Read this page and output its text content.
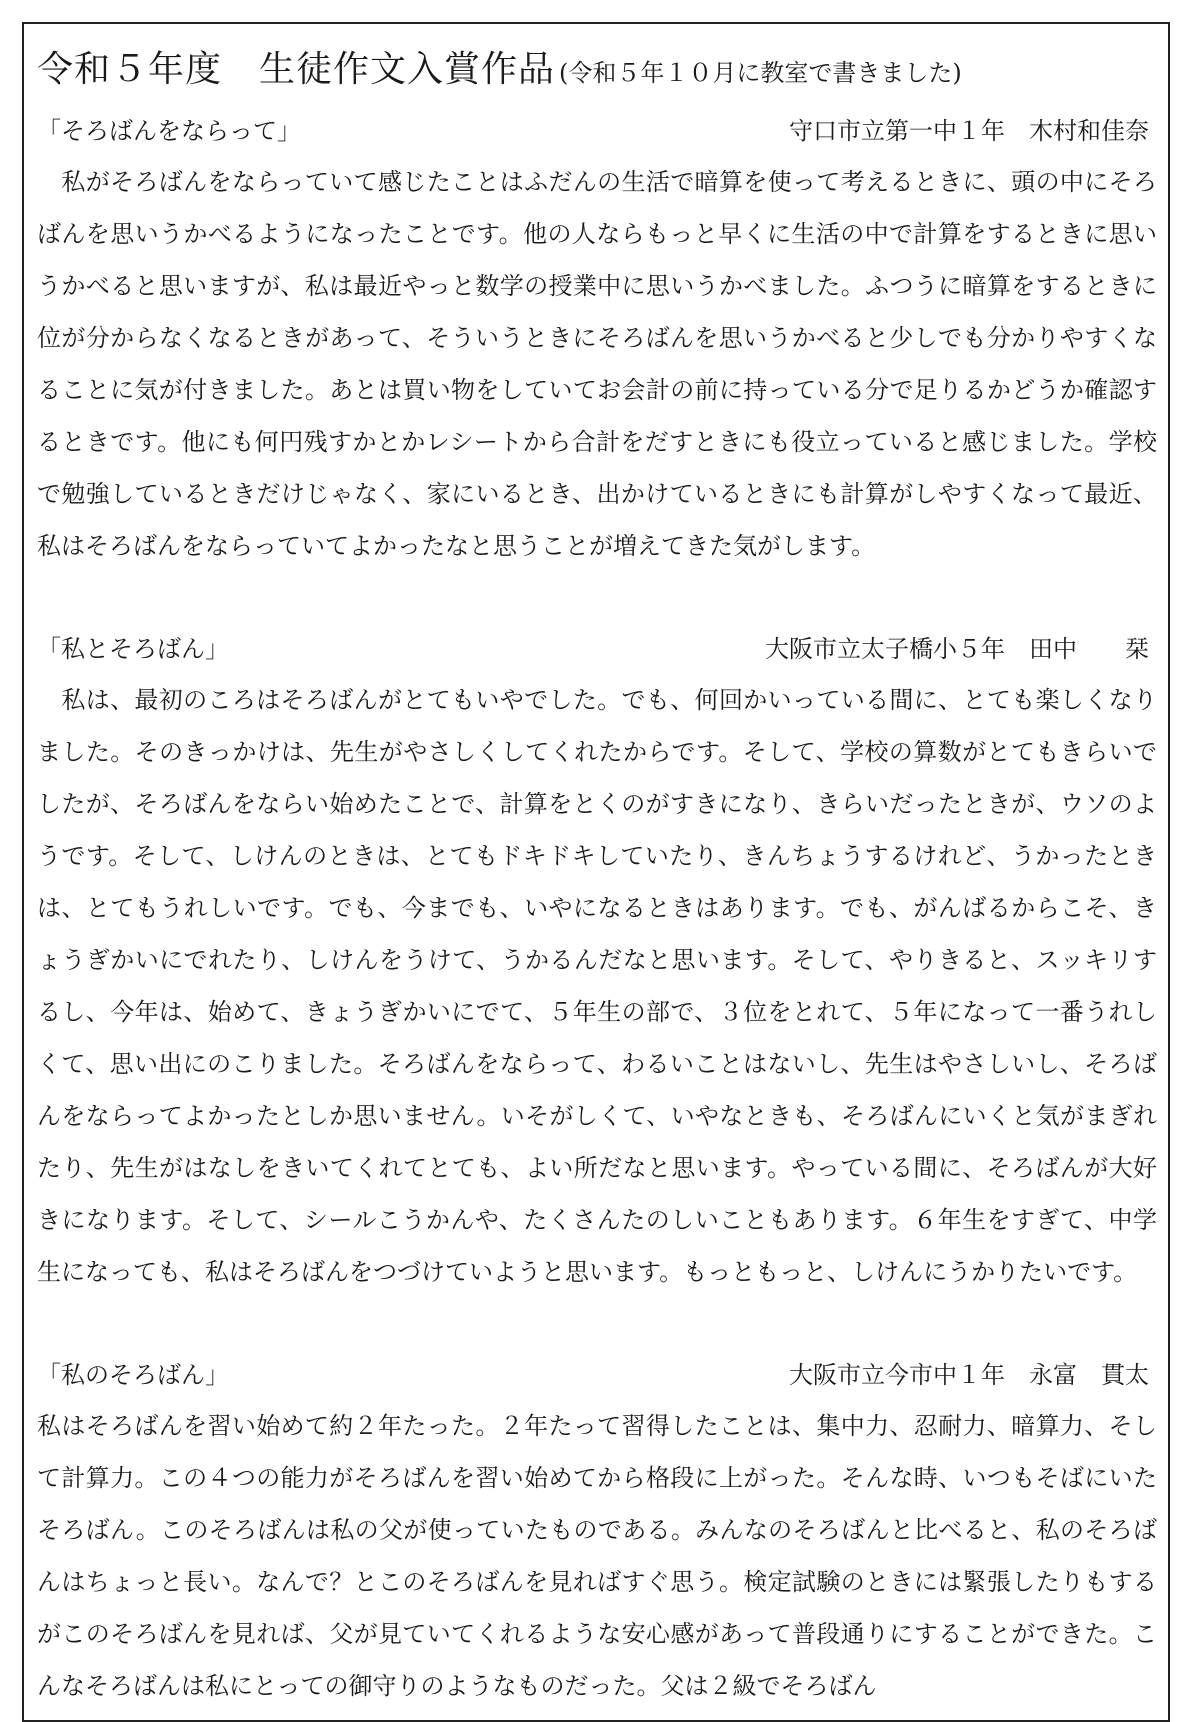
令和５年度　生徒作文入賞作品 (令和５年１０月に教室で書きました)
「そろばんをならって」	守口市立第一中１年　木村和佳奈

　私がそろばんをならっていて感じたことはふだんの生活で暗算を使って考えるときに、頭の中にそろばんを思いうかべるようになったことです。他の人ならもっと早くに生活の中で計算をするときに思いうかべると思いますが、私は最近やっと数学の授業中に思いうかべました。ふつうに暗算をするときに位が分からなくなるときがあって、そういうときにそろばんを思いうかべると少しでも分かりやすくなることに気が付きました。あとは買い物をしていてお会計の前に持っている分で足りるかどうか確認するときです。他にも何円残すかとかレシートから合計をだすときにも役立っていると感じました。学校で勉強しているときだけじゃなく、家にいるとき、出かけているときにも計算がしやすくなって最近、私はそろばんをならっていてよかったなと思うことが増えてきた気がします。

「私とそろばん」	大阪市立太子橋小５年　田中　　栞

　私は、最初のころはそろばんがとてもいやでした。でも、何回かいっている間に、とても楽しくなりました。そのきっかけは、先生がやさしくしてくれたからです。そして、学校の算数がとてもきらいでしたが、そろばんをならい始めたことで、計算をとくのがすきになり、きらいだったときが、ウソのようです。そして、しけんのときは、とてもドキドキしていたり、きんちょうするけれど、うかったときは、とてもうれしいです。でも、今までも、いやになるときはあります。でも、がんばるからこそ、きょうぎかいにでれたり、しけんをうけて、うかるんだなと思います。そして、やりきると、スッキリするし、今年は、始めて、きょうぎかいにでて、５年生の部で、３位をとれて、５年になって一番うれしくて、思い出にのこりました。そろばんをならって、わるいことはないし、先生はやさしいし、そろばんをならってよかったとしか思いません。いそがしくて、いやなときも、そろばんにいくと気がまぎれたり、先生がはなしをきいてくれてとても、よい所だなと思います。やっている間に、そろばんが大好きになります。そして、シールこうかんや、たくさんたのしいこともあります。６年生をすぎて、中学生になっても、私はそろばんをつづけていようと思います。もっともっと、しけんにうかりたいです。

「私のそろばん」	大阪市立今市中１年　永富　貫太

私はそろばんを習い始めて約２年たった。２年たって習得したことは、集中力、忍耐力、暗算力、そして計算力。この４つの能力がそろばんを習い始めてから格段に上がった。そんな時、いつもそばにいたそろばん。このそろばんは私の父が使っていたものである。みんなのそろばんと比べると、私のそろばんはちょっと長い。なんで？とこのそろばんを見ればすぐ思う。検定試験のときには緊張したりもするがこのそろばんを見れば、父が見ていてくれるような安心感があって普段通りにすることができた。こんなそろばんは私にとっての御守りのようなものだった。父は２級でそろばん
